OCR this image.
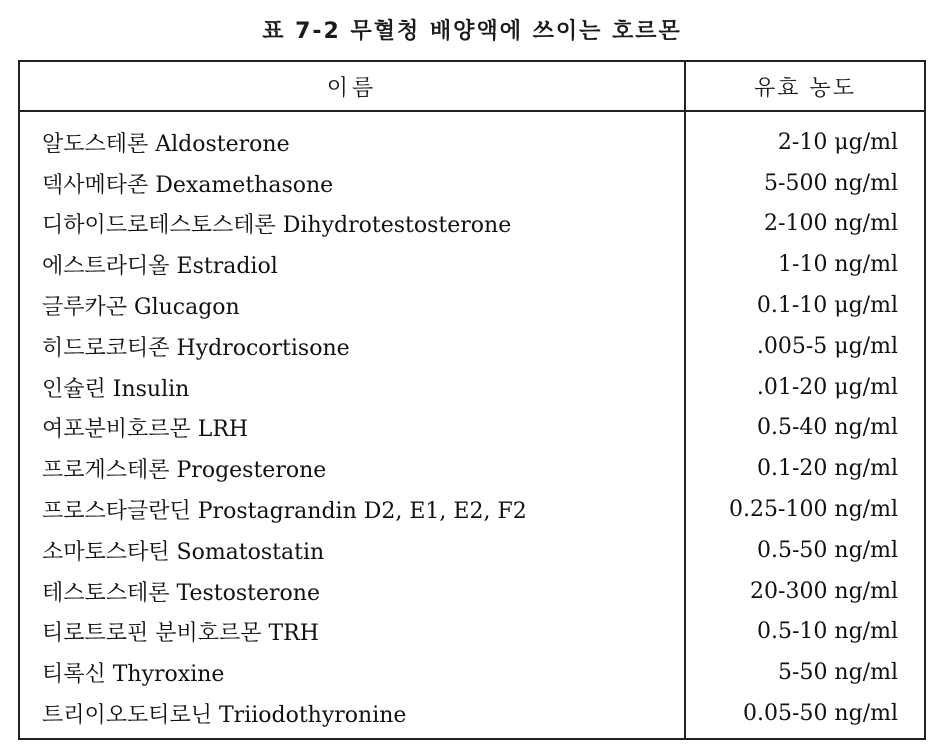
표 7-2 무혈청 배양액에 쓰이는 호르몬
이름	유효 농도
알도스테론 Aldosterone
덱사메타존 Dexamethasone
디하이드로테스토스테론 Dihydrotestosterone
에스트라디올 Estradiol
글루카곤 Glucagon
히드로코티존 Hydrocortisone
인슐린 Insulin
여포분비호르몬 LRH
프로게스테론 Progesterone
프로스타글란딘 Prostagrandin D2, E1, E2, F2
소마토스타틴 Somatostatin
테스토스테론 Testosterone
티로트로핀 분비호르몬 TRH
티록신 Thyroxine
트리이오도티로닌 Triiodothyronine
2-10 μg/ml
5-500 ng/ml
2-100 ng/ml
1-10 ng/ml
0.1-10 μg/ml
.005-5 μg/ml
.01-20 μg/ml
0.5-40 ng/ml
0.1-20 ng/ml
0.25-100 ng/ml
0.5-50 ng/ml
20-300 ng/ml
0.5-10 ng/ml
5-50 ng/ml
0.05-50 ng/ml
